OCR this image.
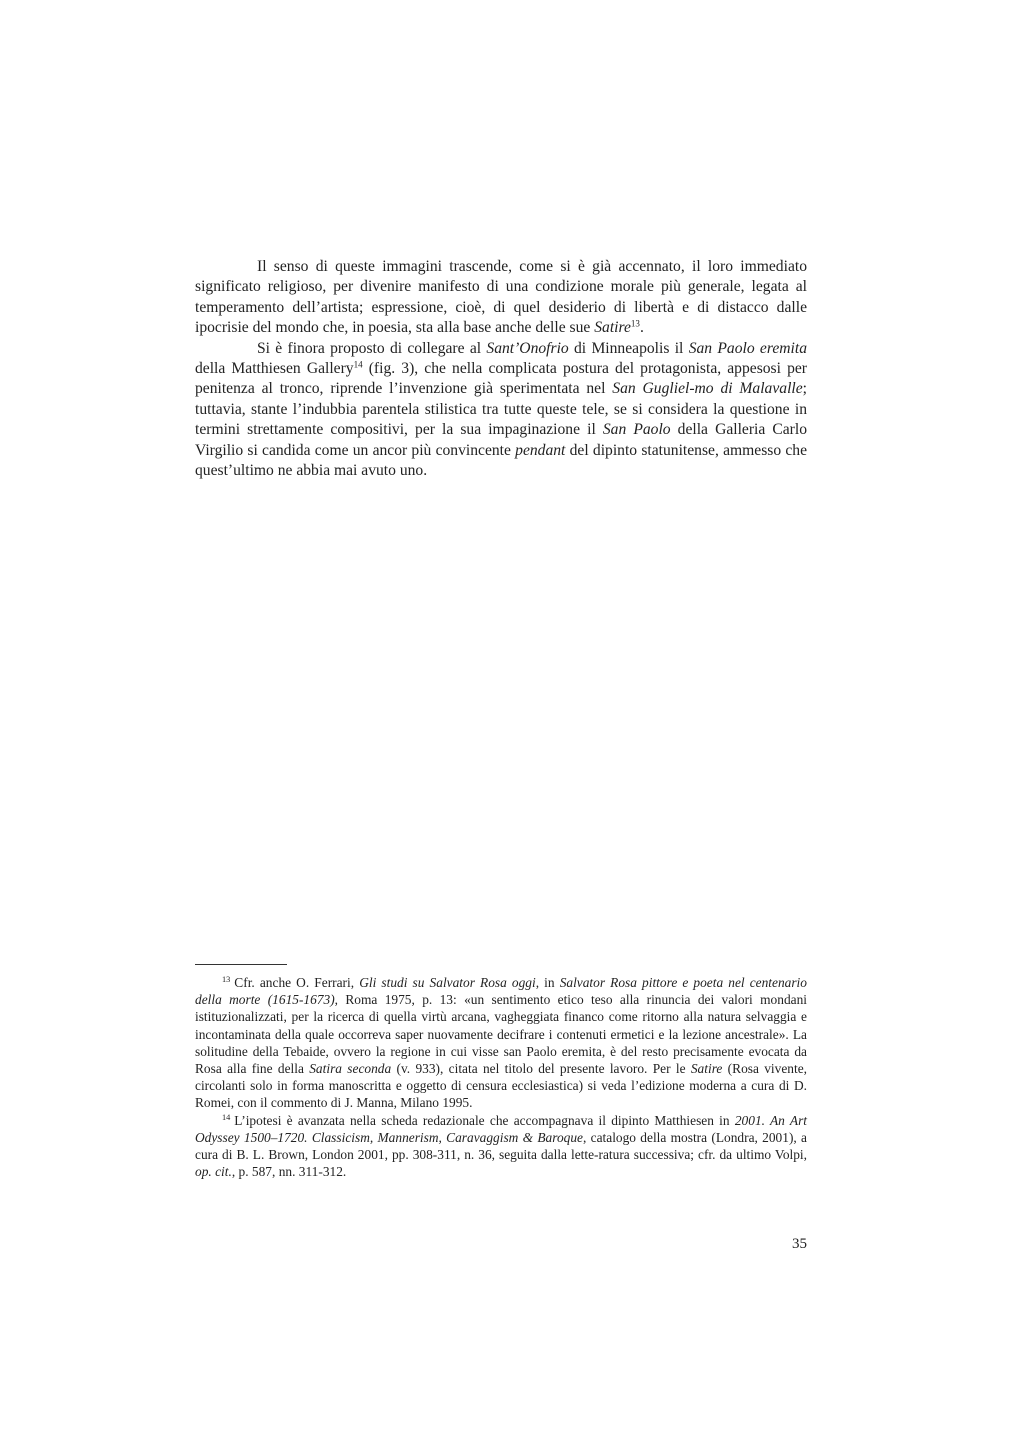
Il senso di queste immagini trascende, come si è già accennato, il loro immediato significato religioso, per divenire manifesto di una condizione morale più generale, legata al temperamento dell’artista; espressione, cioè, di quel desiderio di libertà e di distacco dalle ipocrisie del mondo che, in poesia, sta alla base anche delle sue Satire$^{13}$.

Si è finora proposto di collegare al Sant’Onofrio di Minneapolis il San Paolo eremita della Matthiesen Gallery$^{14}$ (fig. 3), che nella complicata postura del protagonista, appesosi per penitenza al tronco, riprende l’invenzione già sperimentata nel San Gugliel-mo di Malavalle; tuttavia, stante l’indubbia parentela stilistica tra tutte queste tele, se si considera la questione in termini strettamente compositivi, per la sua impaginazione il San Paolo della Galleria Carlo Virgilio si candida come un ancor più convincente pendant del dipinto statunitense, ammesso che quest’ultimo ne abbia mai avuto uno.

$^{13}$ Cfr. anche O. Ferrari, Gli studi su Salvator Rosa oggi, in Salvator Rosa pittore e poeta nel centenario della morte (1615-1673), Roma 1975, p. 13: «un sentimento etico teso alla rinuncia dei valori mondani istituzionalizzati, per la ricerca di quella virtù arcana, vagheggiata financo come ritorno alla natura selvaggia e incontaminata della quale occorreva saper nuovamente decifrare i contenuti ermetici e la lezione ancestrale». La solitudine della Tebaide, ovvero la regione in cui visse san Paolo eremita, è del resto precisamente evocata da Rosa alla fine della Satira seconda (v. 933), citata nel titolo del presente lavoro. Per le Satire (Rosa vivente, circolanti solo in forma manoscritta e oggetto di censura ecclesiastica) si veda l’edizione moderna a cura di D. Romei, con il commento di J. Manna, Milano 1995.

$^{14}$ L’ipotesi è avanzata nella scheda redazionale che accompagnava il dipinto Matthiesen in 2001. An Art Odyssey 1500–1720. Classicism, Mannerism, Caravaggism & Baroque, catalogo della mostra (Londra, 2001), a cura di B. L. Brown, London 2001, pp. 308-311, n. 36, seguita dalla lette-ratura successiva; cfr. da ultimo Volpi, op. cit., p. 587, nn. 311-312.

35
